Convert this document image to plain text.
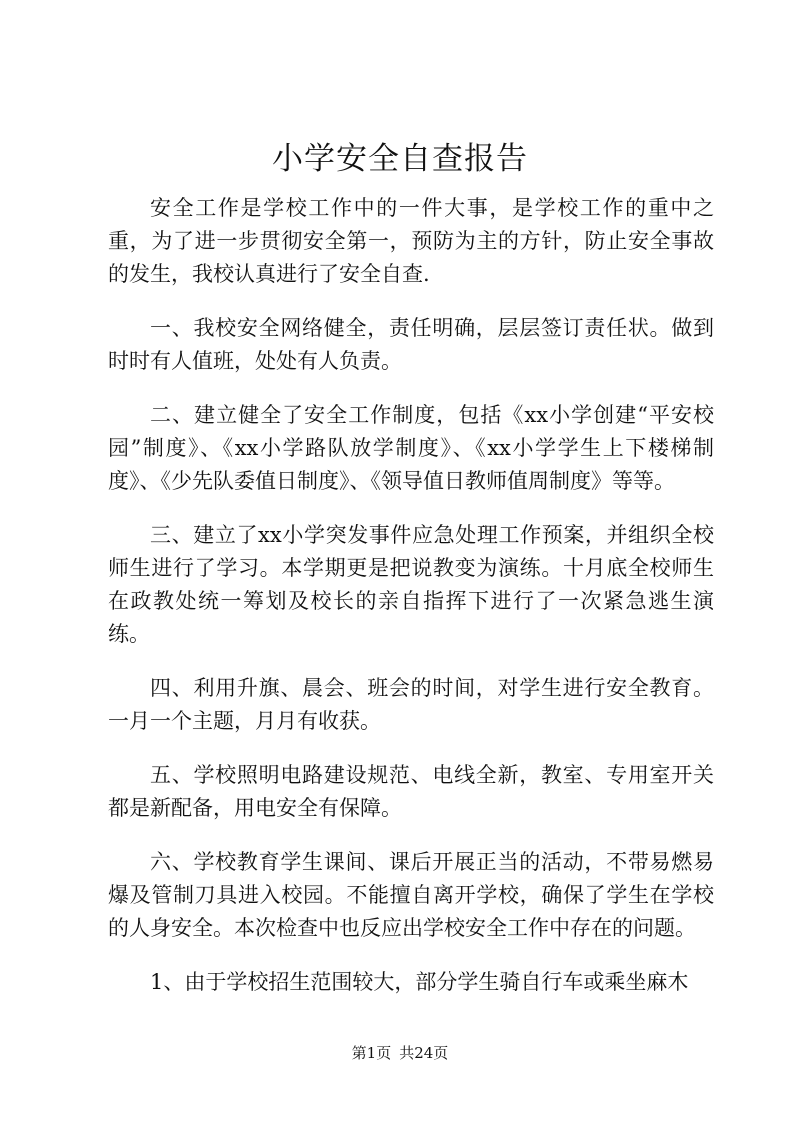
小学安全自查报告

安全工作是学校工作中的一件大事，是学校工作的重中之重，为了进一步贯彻安全第一，预防为主的方针，防止安全事故的发生，我校认真进行了安全自查.

一、我校安全网络健全，责任明确，层层签订责任状。做到时时有人值班，处处有人负责。

二、建立健全了安全工作制度，包括《xx小学创建“平安校园”制度》、《xx小学路队放学制度》、《xx小学学生上下楼梯制度》、《少先队委值日制度》、《领导值日教师值周制度》等等。

三、建立了xx小学突发事件应急处理工作预案，并组织全校师生进行了学习。本学期更是把说教变为演练。十月底全校师生在政教处统一筹划及校长的亲自指挥下进行了一次紧急逃生演练。

四、利用升旗、晨会、班会的时间，对学生进行安全教育。一月一个主题，月月有收获。

五、学校照明电路建设规范、电线全新，教室、专用室开关都是新配备，用电安全有保障。

六、学校教育学生课间、课后开展正当的活动，不带易燃易爆及管制刀具进入校园。不能擅自离开学校，确保了学生在学校的人身安全。本次检查中也反应出学校安全工作中存在的问题。

1、由于学校招生范围较大，部分学生骑自行车或乘坐麻木

第1页 共24页
